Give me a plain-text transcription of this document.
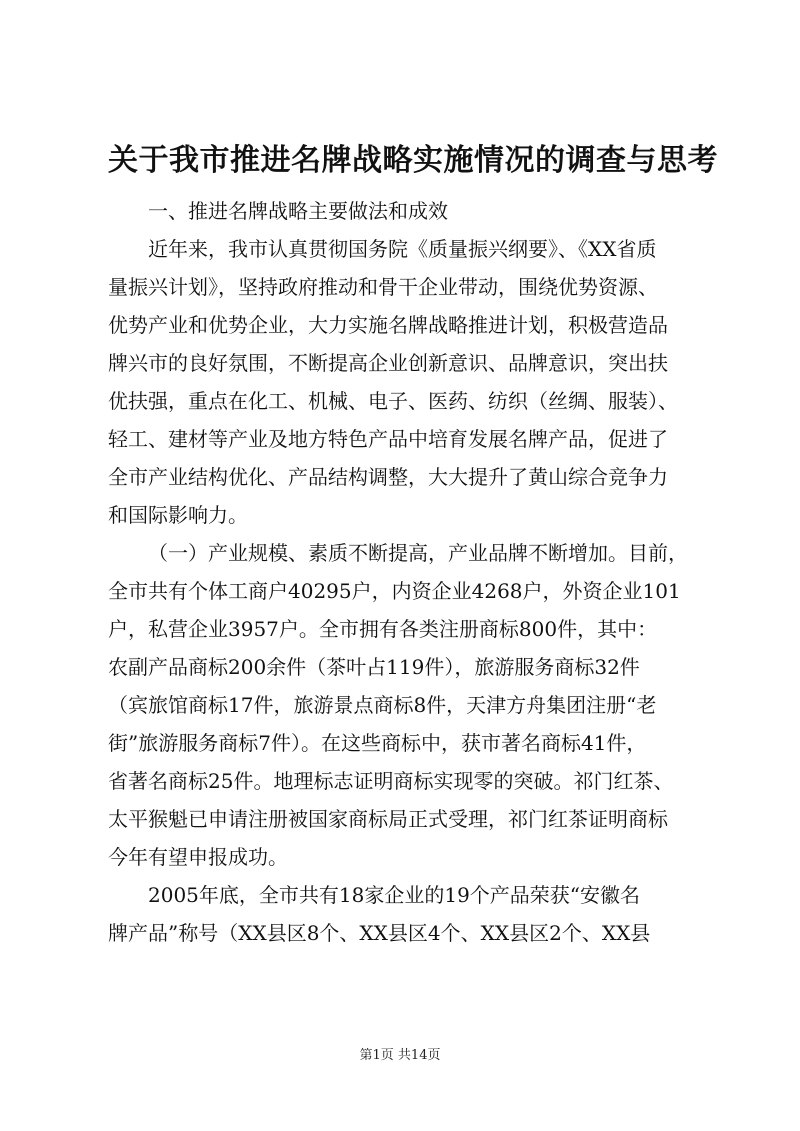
关于我市推进名牌战略实施情况的调查与思考
一、推进名牌战略主要做法和成效
近年来，我市认真贯彻国务院《质量振兴纲要》、《XX省质
量振兴计划》，坚持政府推动和骨干企业带动，围绕优势资源、
优势产业和优势企业，大力实施名牌战略推进计划，积极营造品
牌兴市的良好氛围，不断提高企业创新意识、品牌意识，突出扶
优扶强，重点在化工、机械、电子、医药、纺织（丝绸、服装）、
轻工、建材等产业及地方特色产品中培育发展名牌产品，促进了
全市产业结构优化、产品结构调整，大大提升了黄山综合竞争力
和国际影响力。
（一）产业规模、素质不断提高，产业品牌不断增加。目前，
全市共有个体工商户40295户，内资企业4268户，外资企业101
户，私营企业3957户。全市拥有各类注册商标800件，其中：
农副产品商标200余件（茶叶占119件），旅游服务商标32件
（宾旅馆商标17件，旅游景点商标8件，天津方舟集团注册“老
街”旅游服务商标7件）。在这些商标中，获市著名商标41件，
省著名商标25件。地理标志证明商标实现零的突破。祁门红茶、
太平猴魁已申请注册被国家商标局正式受理，祁门红茶证明商标
今年有望申报成功。
2005年底，全市共有18家企业的19个产品荣获“安徽名
牌产品”称号（XX县区8个、XX县区4个、XX县区2个、XX县
第1页 共14页
